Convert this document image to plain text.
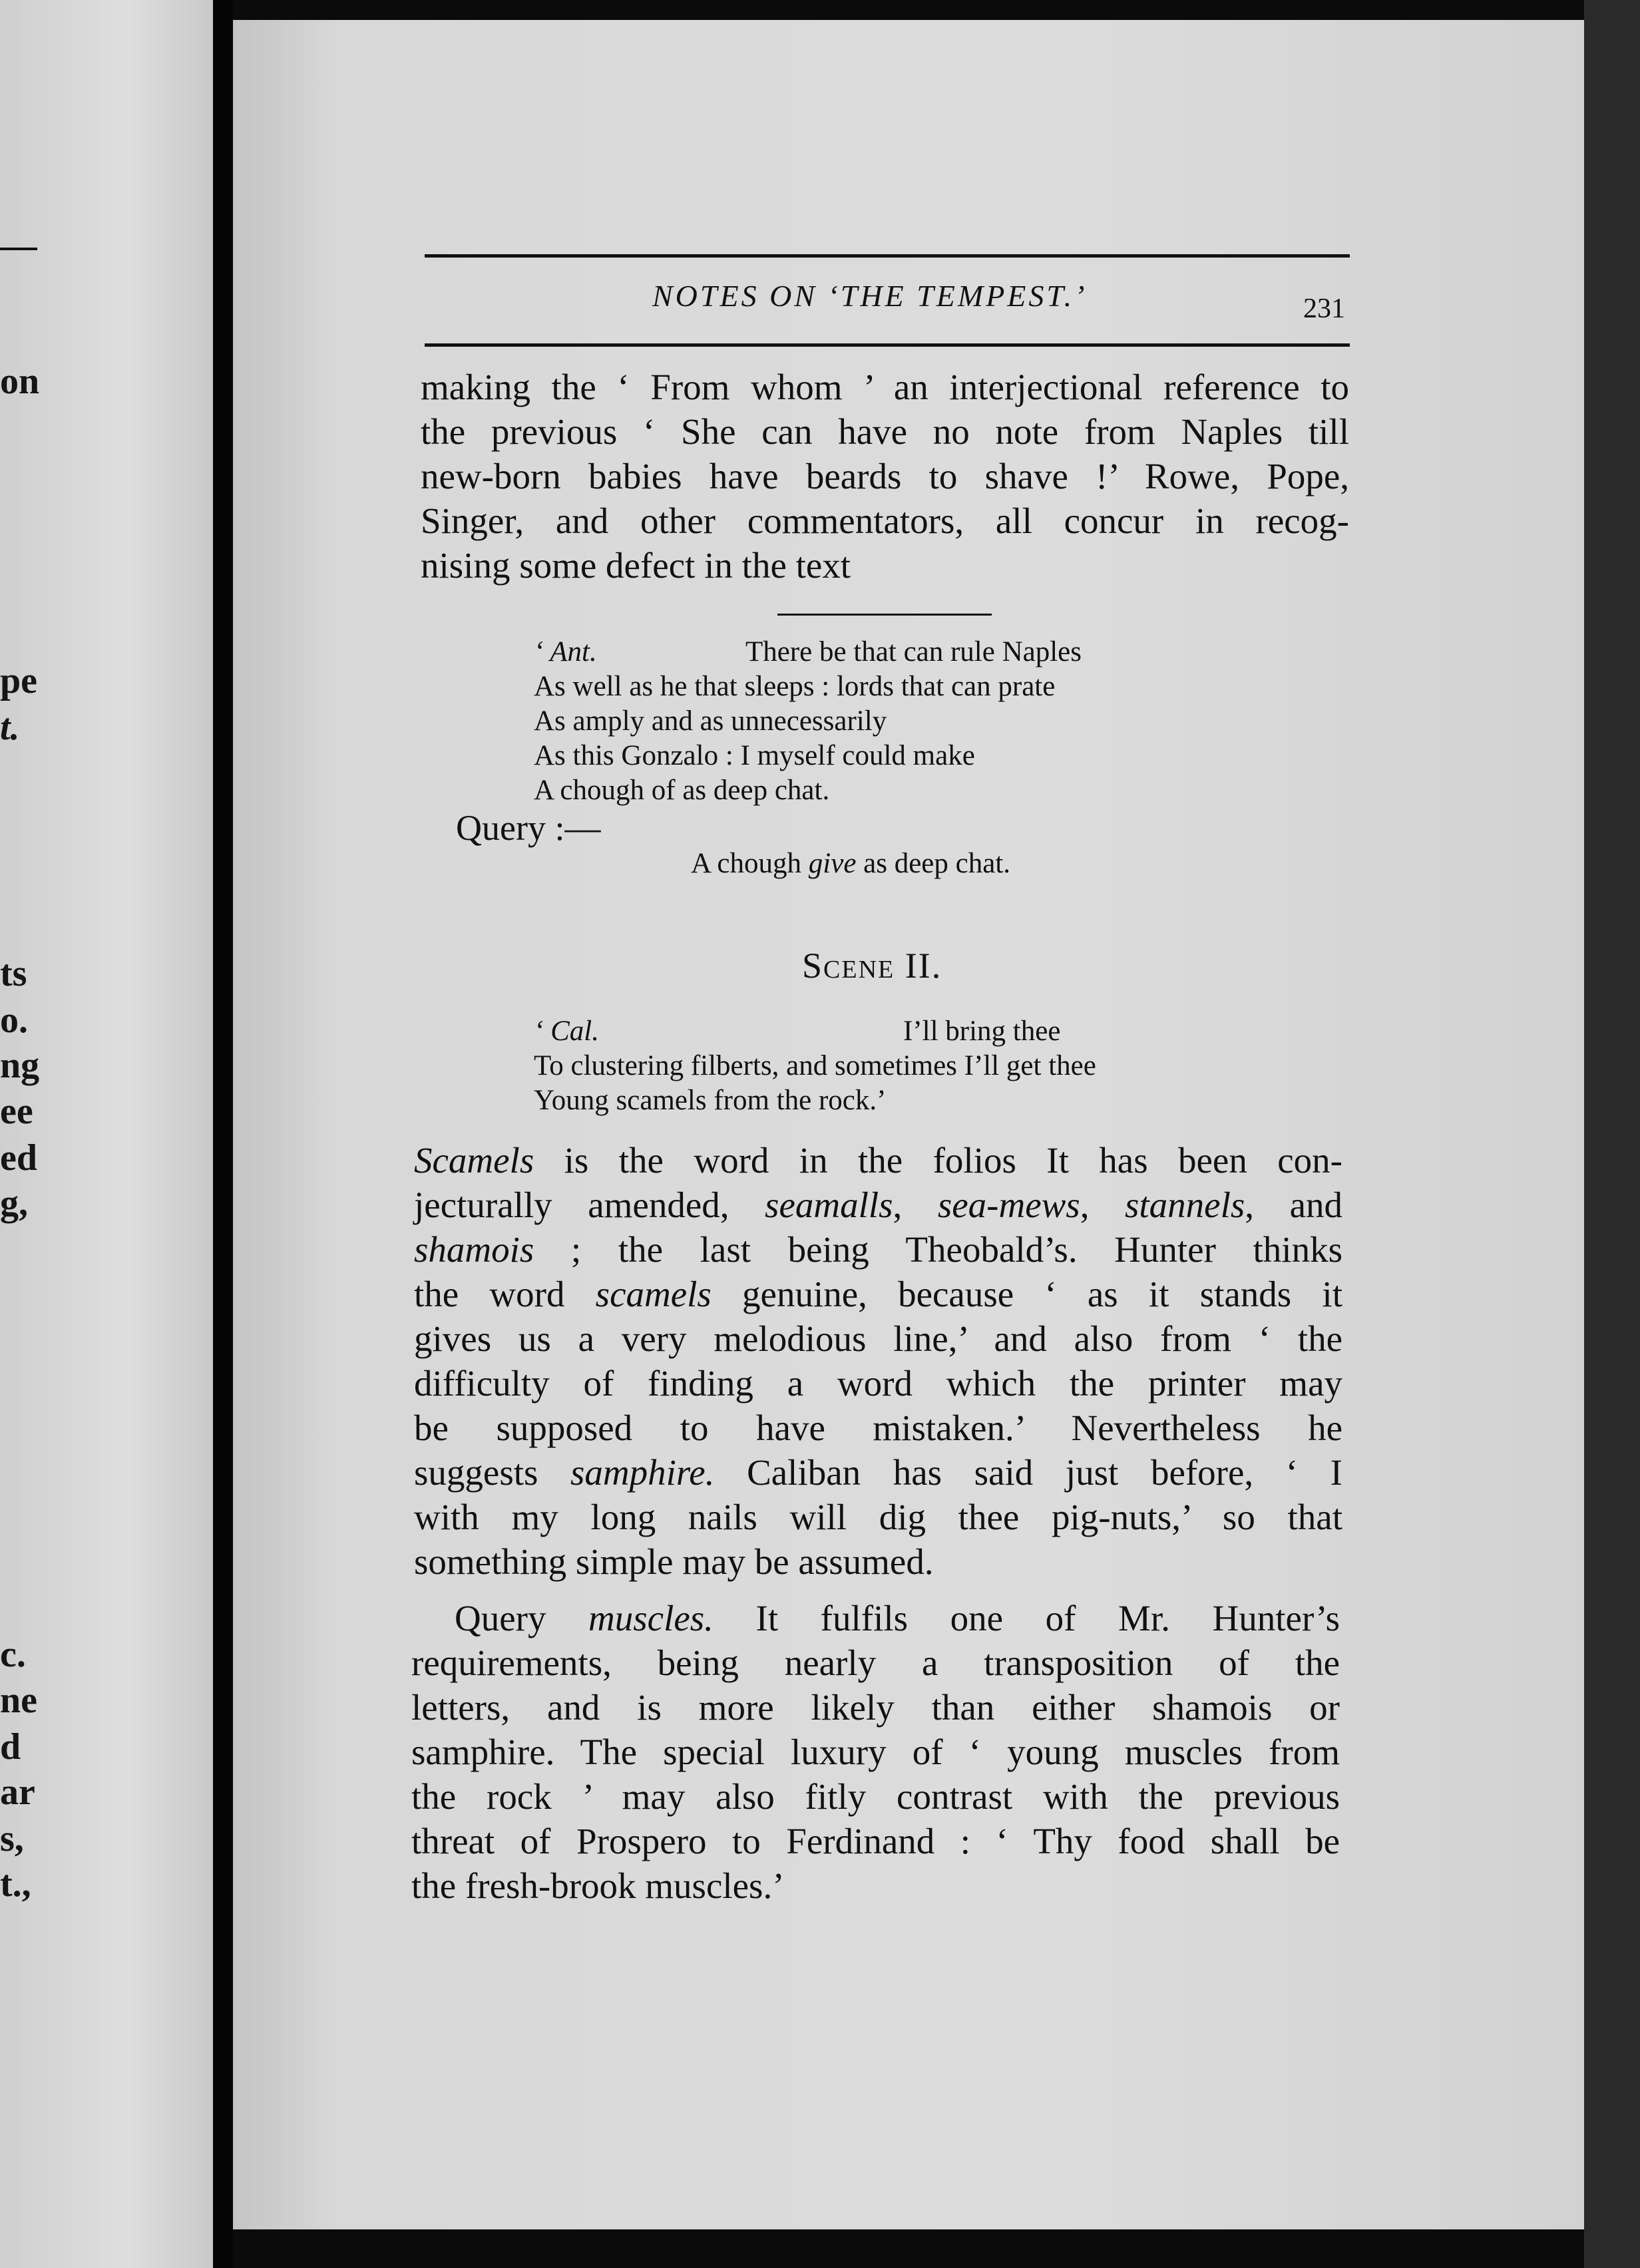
on
pe
t.
ts
o.
ng
ee
ed
g,
c.
ne
d
ar
s,
t.,
NOTES ON ‘THE TEMPEST.’	231
making the ‘ From whom ’ an interjectional reference to
the previous ‘ She can have no note from Naples till
new-born babies have beards to shave !’ Rowe, Pope,
Singer, and other commentators, all concur in recog-
nising some defect in the text
‘ Ant.	There be that can rule Naples
As well as he that sleeps : lords that can prate
As amply and as unnecessarily
As this Gonzalo : I myself could make
A chough of as deep chat.
Query :—
A chough give as deep chat.
Scene II.
‘ Cal.	I’ll bring thee
To clustering filberts, and sometimes I’ll get thee
Young scamels from the rock.’
Scamels is the word in the folios It has been con-
jecturally amended, seamalls, sea-mews, stannels, and
shamois ; the last being Theobald’s. Hunter thinks
the word scamels genuine, because ‘ as it stands it
gives us a very melodious line,’ and also from ‘ the
difficulty of finding a word which the printer may
be supposed to have mistaken.’ Nevertheless he
suggests samphire. Caliban has said just before, ‘ I
with my long nails will dig thee pig-nuts,’ so that
something simple may be assumed.
Query muscles. It fulfils one of Mr. Hunter’s
requirements, being nearly a transposition of the
letters, and is more likely than either shamois or
samphire. The special luxury of ‘ young muscles from
the rock ’ may also fitly contrast with the previous
threat of Prospero to Ferdinand : ‘ Thy food shall be
the fresh-brook muscles.’
